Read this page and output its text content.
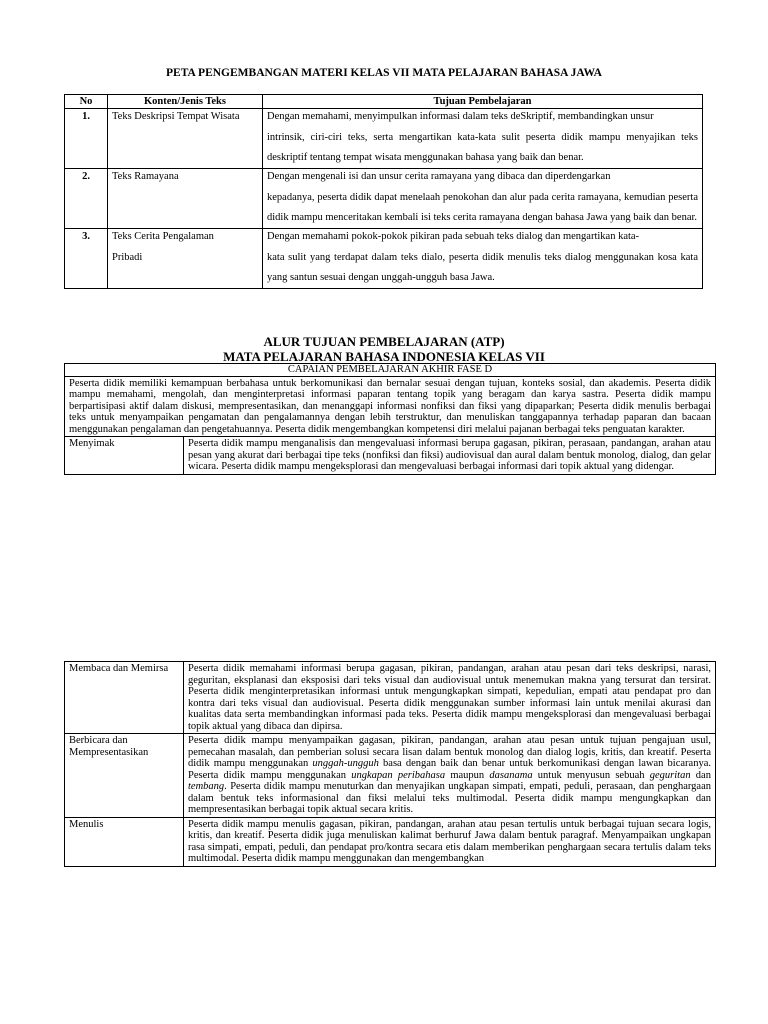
PETA PENGEMBANGAN MATERI KELAS VII MATA PELAJARAN BAHASA JAWA
No	Konten/Jenis Teks	Tujuan Pembelajaran
1.	Teks Deskripsi Tempat Wisata	Dengan memahami, menyimpulkan informasi dalam teks deSkriptif, membandingkan unsur
intrinsik, ciri-ciri teks, serta mengartikan kata-kata sulit peserta didik mampu menyajikan teks deskriptif tentang tempat wisata menggunakan bahasa yang baik dan benar.
2.	Teks Ramayana	Dengan mengenali isi dan unsur cerita ramayana yang dibaca dan diperdengarkan
kepadanya, peserta didik dapat menelaah penokohan dan alur pada cerita ramayana, kemudian peserta didik mampu menceritakan kembali isi teks cerita ramayana dengan bahasa Jawa yang baik dan benar.
3.	Teks Cerita Pengalaman
Pribadi	Dengan memahami pokok-pokok pikiran pada sebuah teks dialog dan mengartikan kata-
kata sulit yang terdapat dalam teks dialo, peserta didik menulis teks dialog menggunakan kosa kata yang santun sesuai dengan unggah-ungguh basa Jawa.
ALUR TUJUAN PEMBELAJARAN (ATP)
MATA PELAJARAN BAHASA INDONESIA KELAS VII
CAPAIAN PEMBELAJARAN AKHIR FASE D
Peserta didik memiliki kemampuan berbahasa untuk berkomunikasi dan bernalar sesuai dengan tujuan, konteks sosial, dan akademis. Peserta didik mampu memahami, mengolah, dan menginterpretasi informasi paparan tentang topik yang beragam dan karya sastra. Peserta didik mampu berpartisipasi aktif dalam diskusi, mempresentasikan, dan menanggapi informasi nonfiksi dan fiksi yang dipaparkan; Peserta didik menulis berbagai teks untuk menyampaikan pengamatan dan pengalamannya dengan lebih terstruktur, dan menuliskan tanggapannya terhadap paparan dan bacaan menggunakan pengalaman dan pengetahuannya. Peserta didik mengembangkan kompetensi diri melalui pajanan berbagai teks penguatan karakter.
Menyimak	Peserta didik mampu menganalisis dan mengevaluasi informasi berupa gagasan, pikiran, perasaan, pandangan, arahan atau pesan yang akurat dari berbagai tipe teks (nonfiksi dan fiksi) audiovisual dan aural dalam bentuk monolog, dialog, dan gelar wicara. Peserta didik mampu mengeksplorasi dan mengevaluasi berbagai informasi dari topik aktual yang didengar.
Membaca dan Memirsa	Peserta didik memahami informasi berupa gagasan, pikiran, pandangan, arahan atau pesan dari teks deskripsi, narasi, geguritan, eksplanasi dan eksposisi dari teks visual dan audiovisual untuk menemukan makna yang tersurat dan tersirat. Peserta didik menginterpretasikan informasi untuk mengungkapkan simpati, kepedulian, empati atau pendapat pro dan kontra dari teks visual dan audiovisual. Peserta didik menggunakan sumber informasi lain untuk menilai akurasi dan kualitas data serta membandingkan informasi pada teks. Peserta didik mampu mengeksplorasi dan mengevaluasi berbagai topik aktual yang dibaca dan dipirsa.
Berbicara dan Mempresentasikan	Peserta didik mampu menyampaikan gagasan, pikiran, pandangan, arahan atau pesan untuk tujuan pengajuan usul, pemecahan masalah, dan pemberian solusi secara lisan dalam bentuk monolog dan dialog logis, kritis, dan kreatif. Peserta didik mampu menggunakan unggah-ungguh basa dengan baik dan benar untuk berkomunikasi dengan lawan bicaranya. Peserta didik mampu menggunakan ungkapan peribahasa maupun dasanama untuk menyusun sebuah geguritan dan tembang. Peserta didik mampu menuturkan dan menyajikan ungkapan simpati, empati, peduli, perasaan, dan penghargaan dalam bentuk teks informasional dan fiksi melalui teks multimodal. Peserta didik mampu mengungkapkan dan mempresentasikan berbagai topik aktual secara kritis.
Menulis	Peserta didik mampu menulis gagasan, pikiran, pandangan, arahan atau pesan tertulis untuk berbagai tujuan secara logis, kritis, dan kreatif. Peserta didik juga menuliskan kalimat berhuruf Jawa dalam bentuk paragraf. Menyampaikan ungkapan rasa simpati, empati, peduli, dan pendapat pro/kontra secara etis dalam memberikan penghargaan secara tertulis dalam teks multimodal. Peserta didik mampu menggunakan dan mengembangkan
